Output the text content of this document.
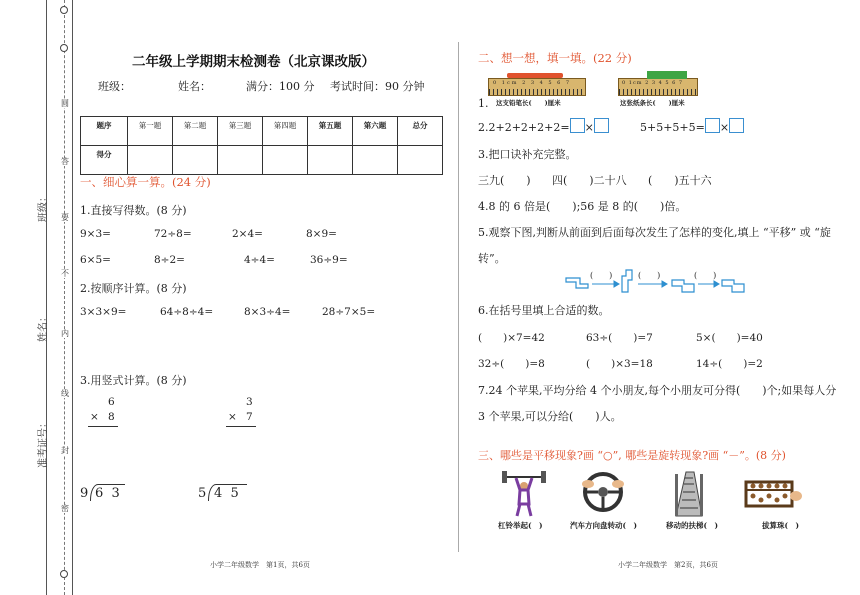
圆
答
要
不
内
线
封
密
班级：
姓名：
准考证号：
二年级上学期期末检测卷（北京课改版）
班级：	姓名：	满分：100 分 考试时间：90 分钟
题序	第一题	第二题	第三题	第四题	第五题	第六题	总分
得分							
一、细心算一算。(24 分)
1.直接写得数。(8 分)
9×3=	72÷8=	2×4=	8×9=
6×5=	8÷2=	4÷4=	36÷9=
2.按顺序计算。(8 分)
3×3×9=	64÷8÷4=	8×3÷4=	28÷7×5=
3.用竖式计算。(8 分)
6
× 8
3
× 7
9 6  3	5 4  5
小学二年级数学　第1页，共6页
二、想一想，填一填。(22 分)
0 1cm 2 3 4 5 6 7	0 1cm 2 3 4 5 6 7
1. 这支铅笔长(　　)厘米	这张纸条长(　　)厘米
2.2+2+2+2+2= ×	5+5+5+5= ×
3.把口诀补充完整。
三九(　　) 四(　　)二十八 (　　)五十六
4.8 的 6 倍是(　　);56 是 8 的(　　)倍。
5.观察下图,判断从前面到后面每次发生了怎样的变化,填上 “平移” 或 “旋
转”。
(　　)	(　　)	(　　)
6.在括号里填上合适的数。
(　　)×7=42	63÷(　　)=7	5×(　　)=40
32÷(　　)=8	(　　)×3=18	14÷(　　)=2
7.24 个苹果,平均分给 4 个小朋友,每个小朋友可分得(　　)个;如果每人分
3 个苹果,可以分给(　　)人。
三、哪些是平移现象?画 “○”, 哪些是旋转现象?画 “－”。(8 分)
杠铃举起(　)	汽车方向盘转动(　)	移动的扶梯(　)	拔算珠(　)
小学二年级数学　第2页，共6页
